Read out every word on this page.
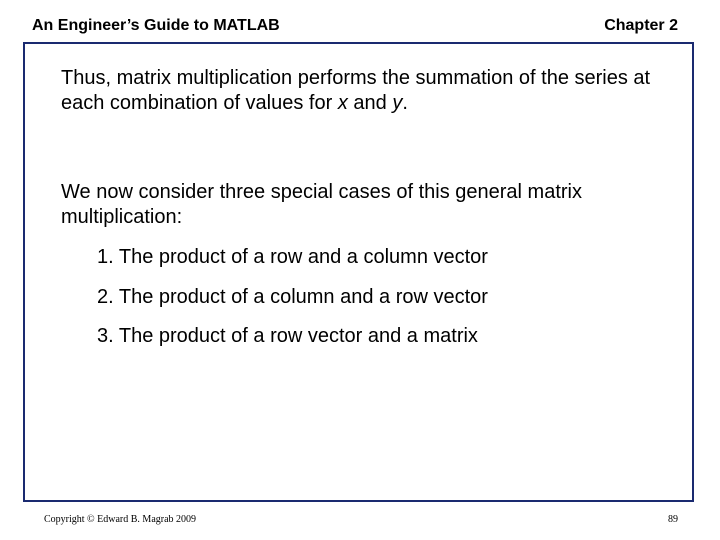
An Engineer’s Guide to MATLAB	Chapter 2

Thus, matrix multiplication performs the summation of the series at each combination of values for x and y.

We now consider three special cases of this general matrix multiplication:

1. The product of a row and a column vector

2. The product of a column and a row vector

3. The product of a row vector and a matrix

Copyright © Edward B. Magrab 2009	89
